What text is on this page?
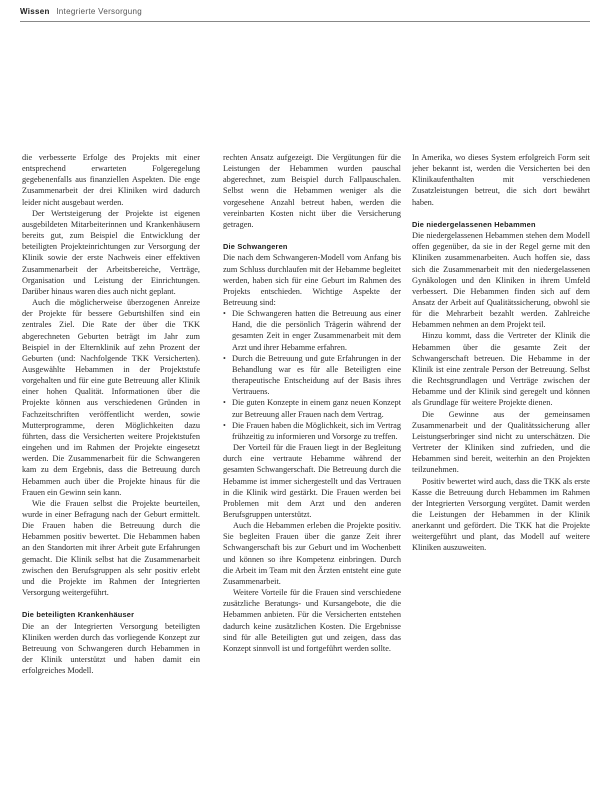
Wissen Integrierte Versorgung

die verbesserte Erfolge des Projekts mit einer entsprechend erwarteten Folgeregelung gegebenenfalls aus finanziellen Aspekten. Die enge Zusammenarbeit der drei Kliniken wird dadurch leider nicht ausgebaut werden.

Der Wertsteigerung der Projekte ist eigenen ausgebildeten Mitarbeiterinnen und Krankenhäusern bereits gut, zum Beispiel die Entwicklung der beteiligten Projekteinrichtungen zur Versorgung der Klinik sowie der erste Nachweis einer effektiven Zusammenarbeit der Arbeitsbereiche, Verträge, Organisation und Leistung der Einrichtungen. Darüber hinaus waren dies auch nicht geplant.

Auch die möglicherweise überzogenen Anreize der Projekte für bessere Geburtshilfen sind ein zentrales Ziel. Die Rate der über die TKK abgerechneten Geburten beträgt im Jahr zum Beispiel in der Elternklinik auf zehn Prozent der Geburten (und: Nachfolgende TKK Versicherten). Ausgewählte Hebammen in der Projektstufe vorgehalten und für eine gute Betreuung aller Klinik einer hohen Qualität. Informationen über die Projekte können aus verschiedenen Gründen in Fachzeitschriften veröffentlicht werden, sowie Mutterprogramme, deren Möglichkeiten dazu führten, dass die Versicherten weitere Projektstufen eingehen und im Rahmen der Projekte eingesetzt werden. Die Zusammenarbeit für die Schwangeren kam zu dem Ergebnis, dass die Betreuung durch Hebammen auch über die Projekte hinaus für die Frauen ein Gewinn sein kann.

Wie die Frauen selbst die Projekte beurteilen, wurde in einer Befragung nach der Geburt ermittelt. Die Frauen haben die Betreuung durch die Hebammen positiv bewertet. Die Hebammen haben an den Standorten mit ihrer Arbeit gute Erfahrungen gemacht. Die Klinik selbst hat die Zusammenarbeit zwischen den Berufsgruppen als sehr positiv erlebt und die Projekte im Rahmen der Integrierten Versorgung weitergeführt.

Die beteiligten Krankenhäuser

Die an der Integrierten Versorgung beteiligten Kliniken werden durch das vorliegende Konzept zur Betreuung von Schwangeren durch Hebammen in der Klinik unterstützt und haben damit ein erfolgreiches Modell.

rechten Ansatz aufgezeigt. Die Vergütungen für die Leistungen der Hebammen wurden pauschal abgerechnet, zum Beispiel durch Fallpauschalen. Selbst wenn die Hebammen weniger als die vorgesehene Anzahl betreut haben, werden die vereinbarten Kosten nicht über die Versicherung getragen.

Die Schwangeren

Die nach dem Schwangeren-Modell vom Anfang bis zum Schluss durchlaufen mit der Hebamme begleitet werden, haben sich für eine Geburt im Rahmen des Projekts entschieden. Wichtige Aspekte der Betreuung sind:

• Die Schwangeren hatten die Betreuung aus einer Hand, die die persönlich Trägerin während der gesamten Zeit in enger Zusammenarbeit mit dem Arzt und ihrer Hebamme erfahren.
• Durch die Betreuung und gute Erfahrungen in der Behandlung war es für alle Beteiligten eine therapeutische Entscheidung auf der Basis ihres Vertrauens.
• Die guten Konzepte in einem ganz neuen Konzept zur Betreuung aller Frauen nach dem Vertrag.
• Die Frauen haben die Möglichkeit, sich im Vertrag frühzeitig zu informieren und Vorsorge zu treffen.

Der Vorteil für die Frauen liegt in der Begleitung durch eine vertraute Hebamme während der gesamten Schwangerschaft. Die Betreuung durch die Hebamme ist immer sichergestellt und das Vertrauen in die Klinik wird gestärkt. Die Frauen werden bei Problemen mit dem Arzt und den anderen Berufsgruppen unterstützt.

Auch die Hebammen erleben die Projekte positiv. Sie begleiten Frauen über die ganze Zeit ihrer Schwangerschaft bis zur Geburt und im Wochenbett und können so ihre Kompetenz einbringen. Durch die Arbeit im Team mit den Ärzten entsteht eine gute Zusammenarbeit.

Weitere Vorteile für die Frauen sind verschiedene zusätzliche Beratungs- und Kursangebote, die die Hebammen anbieten. Für die Versicherten entstehen dadurch keine zusätzlichen Kosten. Die Ergebnisse sind für alle Beteiligten gut und zeigen, dass das Konzept sinnvoll ist und fortgeführt werden sollte.

In Amerika, wo dieses System erfolgreich Form seit jeher bekannt ist, werden die Versicherten bei den Klinikaufenthalten mit verschiedenen Zusatzleistungen betreut, die sich dort bewährt haben.

Die niedergelassenen Hebammen

Die niedergelassenen Hebammen stehen dem Modell offen gegenüber, da sie in der Regel gerne mit den Kliniken zusammenarbeiten. Auch hoffen sie, dass sich die Zusammenarbeit mit den niedergelassenen Gynäkologen und den Kliniken in ihrem Umfeld verbessert. Die Hebammen finden sich auf dem Ansatz der Arbeit auf Qualitätssicherung, obwohl sie für die Mehrarbeit bezahlt werden. Zahlreiche Hebammen nehmen an dem Projekt teil.

Hinzu kommt, dass die Vertreter der Klinik die Hebammen über die gesamte Zeit der Schwangerschaft betreuen. Die Hebamme in der Klinik ist eine zentrale Person der Betreuung. Selbst die Rechtsgrundlagen und Verträge zwischen der Hebamme und der Klinik sind geregelt und können als Grundlage für weitere Projekte dienen.

Die Gewinne aus der gemeinsamen Zusammenarbeit und der Qualitätssicherung aller Leistungserbringer sind nicht zu unterschätzen. Die Vertreter der Kliniken sind zufrieden, und die Hebammen sind bereit, weiterhin an den Projekten teilzunehmen.

Positiv bewertet wird auch, dass die TKK als erste Kasse die Betreuung durch Hebammen im Rahmen der Integrierten Versorgung vergütet. Damit werden die Leistungen der Hebammen in der Klinik anerkannt und gefördert. Die TKK hat die Projekte weitergeführt und plant, das Modell auf weitere Kliniken auszuweiten.
